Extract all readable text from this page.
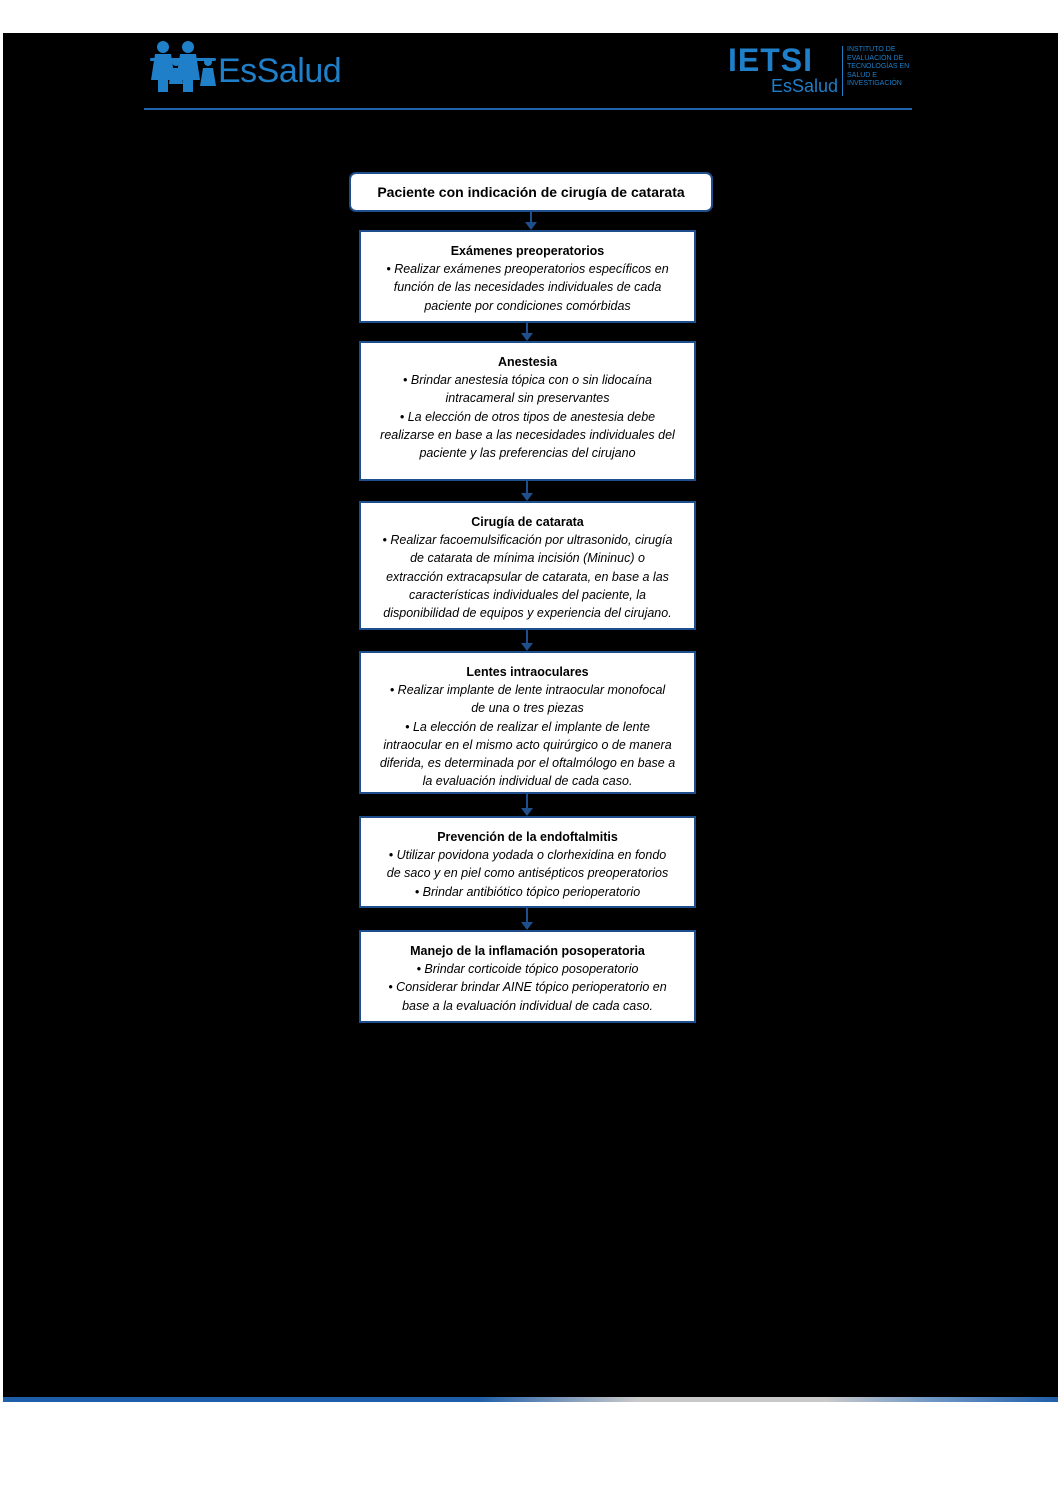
EsSalud	IETSI
EsSalud
INSTITUTO DE EVALUACIÓN DE TECNOLOGÍAS EN SALUD E INVESTIGACIÓN
Paciente con indicación de cirugía de catarata
Exámenes preoperatorios
• Realizar exámenes preoperatorios específicos en
función de las necesidades individuales de cada
paciente por condiciones comórbidas
Anestesia
• Brindar anestesia tópica con o sin lidocaína
intracameral sin preservantes
• La elección de otros tipos de anestesia debe
realizarse en base a las necesidades individuales del
paciente y las preferencias del cirujano
Cirugía de catarata
• Realizar facoemulsificación por ultrasonido, cirugía
de catarata de mínima incisión (Mininuc) o
extracción extracapsular de catarata, en base a las
características individuales del paciente, la
disponibilidad de equipos y experiencia del cirujano.
Lentes intraoculares
• Realizar implante de lente intraocular monofocal
de una o tres piezas
• La elección de realizar el implante de lente
intraocular en el mismo acto quirúrgico o de manera
diferida, es determinada por el oftalmólogo en base a
la evaluación individual de cada caso.
Prevención de la endoftalmitis
• Utilizar povidona yodada o clorhexidina en fondo
de saco y en piel como antisépticos preoperatorios
• Brindar antibiótico tópico perioperatorio
Manejo de la inflamación posoperatoria
• Brindar corticoide tópico posoperatorio
• Considerar brindar AINE tópico perioperatorio en
base a la evaluación individual de cada caso.
